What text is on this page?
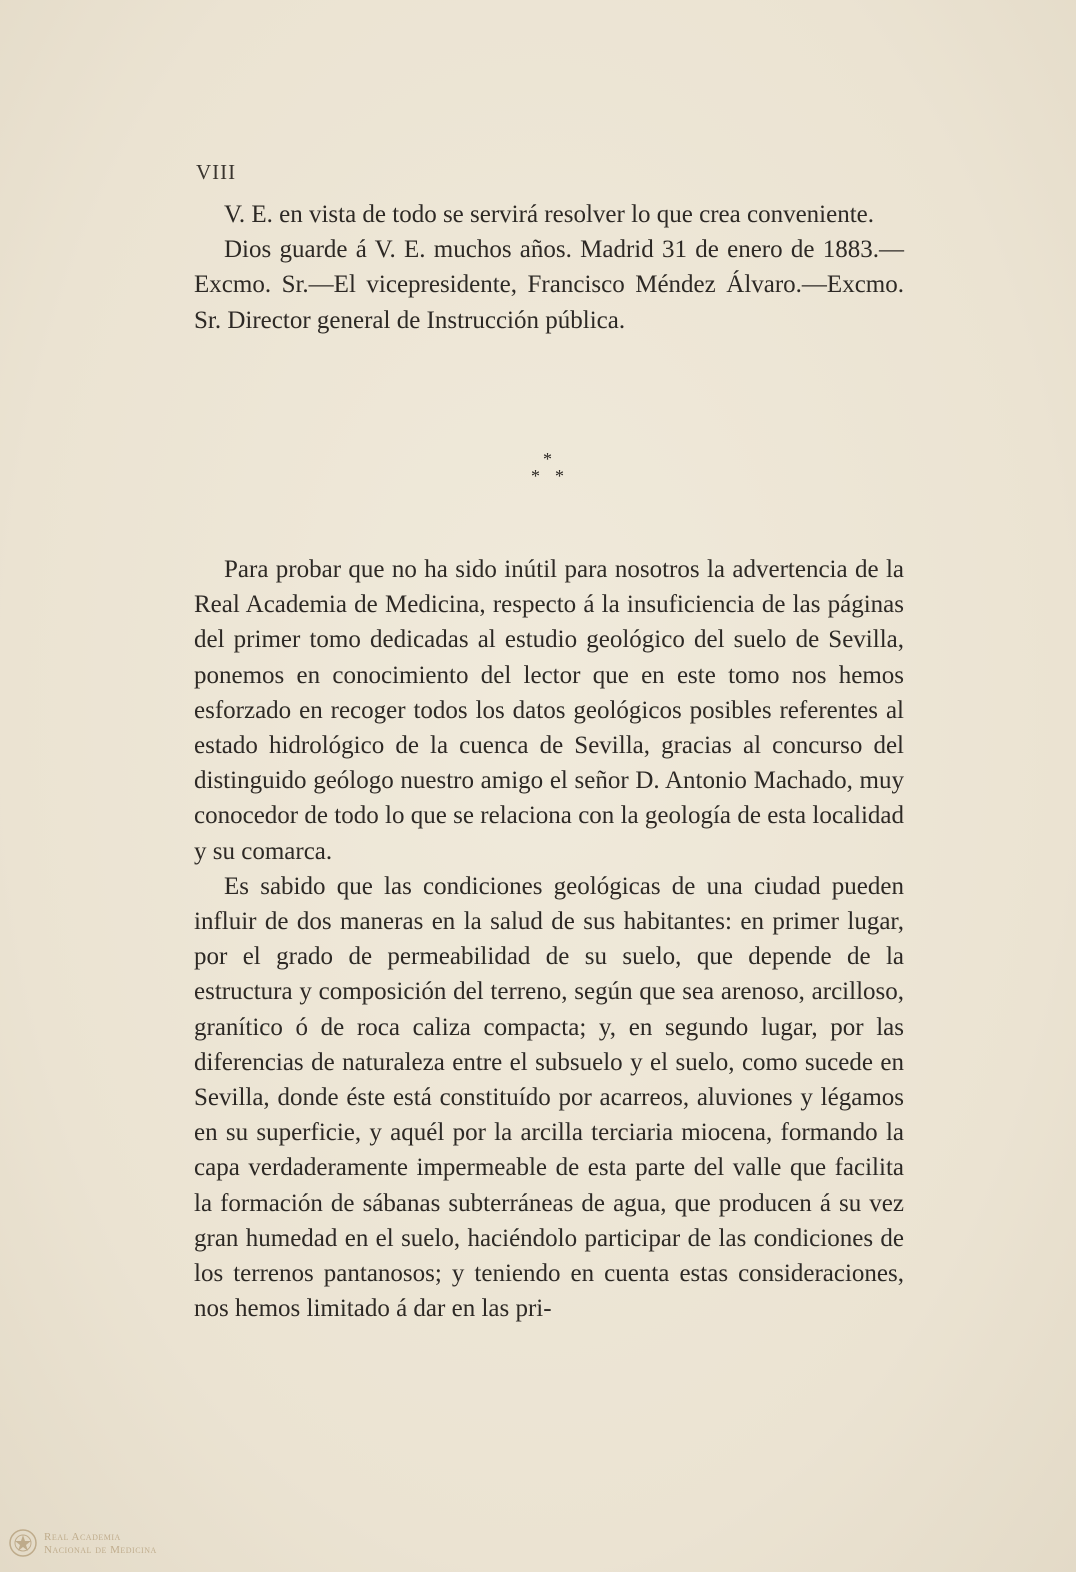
VIII

V. E. en vista de todo se servirá resolver lo que crea conveniente.

Dios guarde á V. E. muchos años. Madrid 31 de enero de 1883.—Excmo. Sr.—El vicepresidente, Francisco Méndez Álvaro.—Excmo. Sr. Director general de Instrucción pública.

*
* *

Para probar que no ha sido inútil para nosotros la advertencia de la Real Academia de Medicina, respecto á la insuficiencia de las páginas del primer tomo dedicadas al estudio geológico del suelo de Sevilla, ponemos en conocimiento del lector que en este tomo nos hemos esforzado en recoger todos los datos geológicos posibles referentes al estado hidrológico de la cuenca de Sevilla, gracias al concurso del distinguido geólogo nuestro amigo el señor D. Antonio Machado, muy conocedor de todo lo que se relaciona con la geología de esta localidad y su comarca.

Es sabido que las condiciones geológicas de una ciudad pueden influir de dos maneras en la salud de sus habitantes: en primer lugar, por el grado de permeabilidad de su suelo, que depende de la estructura y composición del terreno, según que sea arenoso, arcilloso, granítico ó de roca caliza compacta; y, en segundo lugar, por las diferencias de naturaleza entre el subsuelo y el suelo, como sucede en Sevilla, donde éste está constituído por acarreos, aluviones y légamos en su superficie, y aquél por la arcilla terciaria miocena, formando la capa verdaderamente impermeable de esta parte del valle que facilita la formación de sábanas subterráneas de agua, que producen á su vez gran humedad en el suelo, haciéndolo participar de las condiciones de los terrenos pantanosos; y teniendo en cuenta estas consideraciones, nos hemos limitado á dar en las pri-

Real Academia
Nacional de Medicina
